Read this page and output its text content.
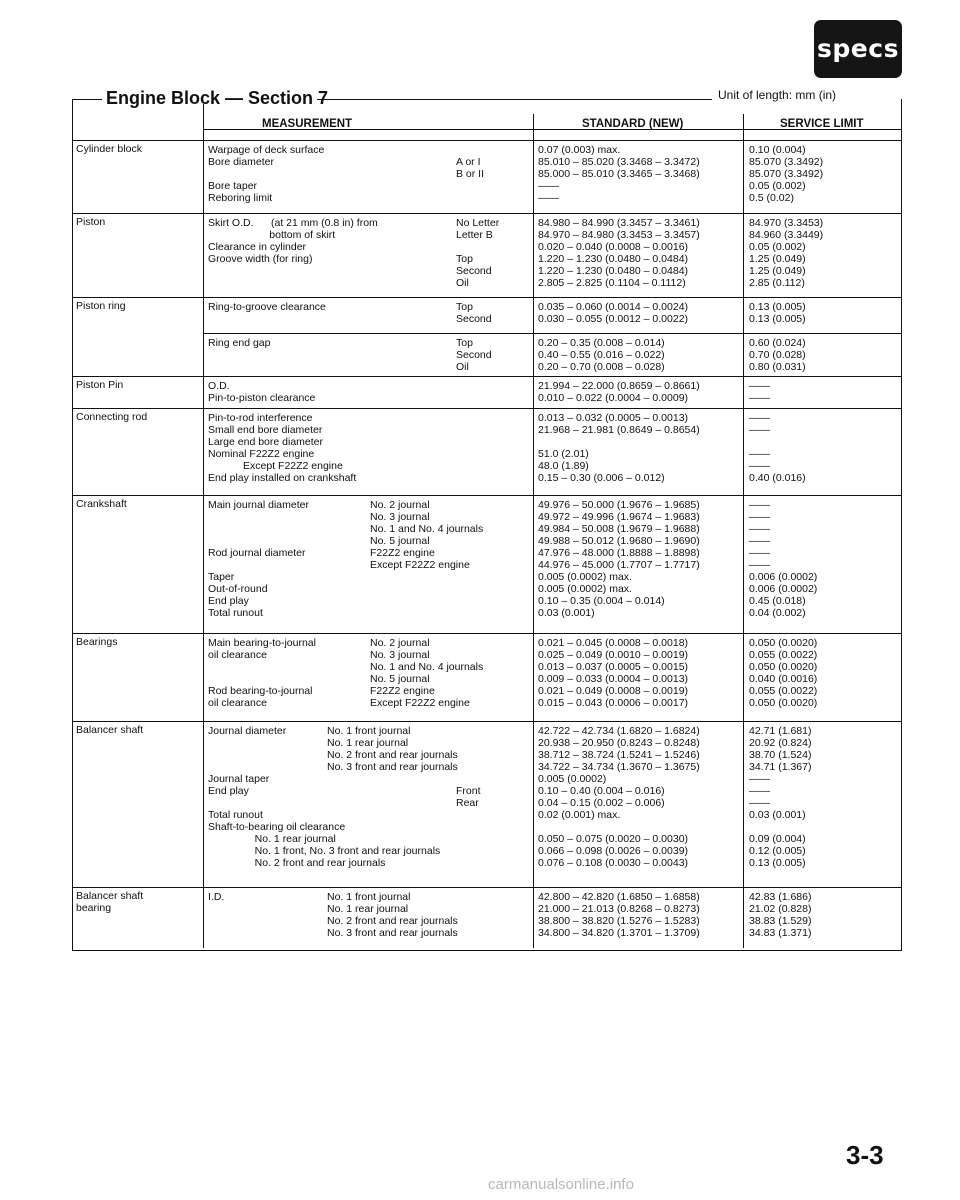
specs
Engine Block — Section 7	Unit of length: mm (in)
MEASUREMENT	STANDARD (NEW)	SERVICE LIMIT
Cylinder block	Warpage of deck surface	0.07 (0.003) max.	0.10 (0.004)
Bore diameter	A or I	85.010 – 85.020 (3.3468 – 3.3472)	85.070 (3.3492)
B or II	85.000 – 85.010 (3.3465 – 3.3468)	85.070 (3.3492)
Bore taper	——	0.05 (0.002)
Reboring limit	——	0.5 (0.02)
Piston	Skirt O.D.      (at 21 mm (0.8 in) from	No Letter	84.980 – 84.990 (3.3457 – 3.3461)	84.970 (3.3453)
bottom of skirt	Letter B	84.970 – 84.980 (3.3453 – 3.3457)	84.960 (3.3449)
Clearance in cylinder	0.020 – 0.040 (0.0008 – 0.0016)	0.05 (0.002)
Groove width (for ring)	Top	1.220 – 1.230 (0.0480 – 0.0484)	1.25 (0.049)
Second	1.220 – 1.230 (0.0480 – 0.0484)	1.25 (0.049)
Oil	2.805 – 2.825 (0.1104 – 0.1112)	2.85 (0.112)
Piston ring	Ring-to-groove clearance	Top	0.035 – 0.060 (0.0014 – 0.0024)	0.13 (0.005)
Second	0.030 – 0.055 (0.0012 – 0.0022)	0.13 (0.005)
Ring end gap	Top	0.20 – 0.35 (0.008 – 0.014)	0.60 (0.024)
Second	0.40 – 0.55 (0.016 – 0.022)	0.70 (0.028)
Oil	0.20 – 0.70 (0.008 – 0.028)	0.80 (0.031)
Piston Pin	O.D.	21.994 – 22.000 (0.8659 – 0.8661)	——
Pin-to-piston clearance	0.010 – 0.022 (0.0004 – 0.0009)	——
Connecting rod	Pin-to-rod interference	0.013 – 0.032 (0.0005 – 0.0013)	——
Small end bore diameter	21.968 – 21.981 (0.8649 – 0.8654)	——
Large end bore diameter
Nominal F22Z2 engine	51.0 (2.01)	——
Except F22Z2 engine	48.0 (1.89)	——
End play installed on crankshaft	0.15 – 0.30 (0.006 – 0.012)	0.40 (0.016)
Crankshaft	Main journal diameter	No. 2 journal	49.976 – 50.000 (1.9676 – 1.9685)	——
No. 3 journal	49.972 – 49.996 (1.9674 – 1.9683)	——
No. 1 and No. 4 journals	49.984 – 50.008 (1.9679 – 1.9688)	——
No. 5 journal	49.988 – 50.012 (1.9680 – 1.9690)	——
Rod journal diameter	F22Z2 engine	47.976 – 48.000 (1.8888 – 1.8898)	——
Except F22Z2 engine	44.976 – 45.000 (1.7707 – 1.7717)	——
Taper	0.005 (0.0002) max.	0.006 (0.0002)
Out-of-round	0.005 (0.0002) max.	0.006 (0.0002)
End play	0.10 – 0.35 (0.004 – 0.014)	0.45 (0.018)
Total runout	0.03 (0.001)	0.04 (0.002)
Bearings	Main bearing-to-journal	No. 2 journal	0.021 – 0.045 (0.0008 – 0.0018)	0.050 (0.0020)
oil clearance	No. 3 journal	0.025 – 0.049 (0.0010 – 0.0019)	0.055 (0.0022)
No. 1 and No. 4 journals	0.013 – 0.037 (0.0005 – 0.0015)	0.050 (0.0020)
No. 5 journal	0.009 – 0.033 (0.0004 – 0.0013)	0.040 (0.0016)
Rod bearing-to-journal	F22Z2 engine	0.021 – 0.049 (0.0008 – 0.0019)	0.055 (0.0022)
oil clearance	Except F22Z2 engine	0.015 – 0.043 (0.0006 – 0.0017)	0.050 (0.0020)
Balancer shaft	Journal diameter	No. 1 front journal	42.722 – 42.734 (1.6820 – 1.6824)	42.71 (1.681)
No. 1 rear journal	20.938 – 20.950 (0.8243 – 0.8248)	20.92 (0.824)
No. 2 front and rear journals	38.712 – 38.724 (1.5241 – 1.5246)	38.70 (1.524)
No. 3 front and rear journals	34.722 – 34.734 (1.3670 – 1.3675)	34.71 (1.367)
Journal taper	0.005 (0.0002)	——
End play	Front	0.10 – 0.40 (0.004 – 0.016)	——
Rear	0.04 – 0.15 (0.002 – 0.006)	——
Total runout	0.02 (0.001) max.	0.03 (0.001)
Shaft-to-bearing oil clearance
No. 1 rear journal	0.050 – 0.075 (0.0020 – 0.0030)	0.09 (0.004)
No. 1 front, No. 3 front and rear journals	0.066 – 0.098 (0.0026 – 0.0039)	0.12 (0.005)
No. 2 front and rear journals	0.076 – 0.108 (0.0030 – 0.0043)	0.13 (0.005)
Balancer shaft
bearing
I.D.	No. 1 front journal	42.800 – 42.820 (1.6850 – 1.6858)	42.83 (1.686)
No. 1 rear journal	21.000 – 21.013 (0.8268 – 0.8273)	21.02 (0.828)
No. 2 front and rear journals	38.800 – 38.820 (1.5276 – 1.5283)	38.83 (1.529)
No. 3 front and rear journals	34.800 – 34.820 (1.3701 – 1.3709)	34.83 (1.371)
3-3
carmanualsonline.info
